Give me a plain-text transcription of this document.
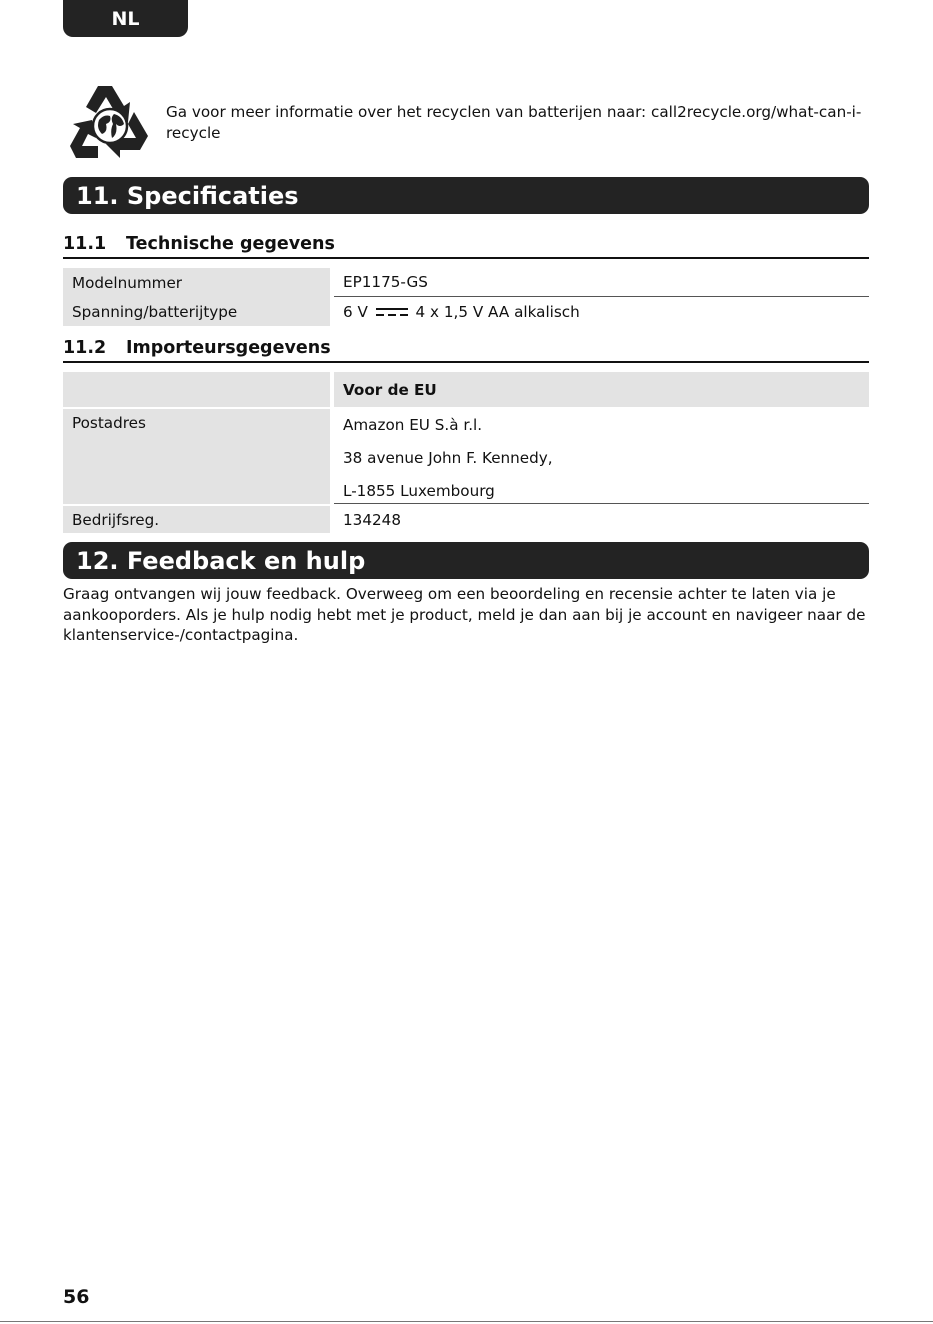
NL
Ga voor meer informatie over het recyclen van batterijen naar: call2recycle.org/what-can-i-recycle
11. Specificaties
11.1 Technische gegevens
Modelnummer		EP1175-GS
Spanning/batterijtype		6 V 4 x 1,5 V AA alkalisch
11.2 Importeursgegevens
		Voor de EU

Postadres		Amazon EU S.à r.l.
38 avenue John F. Kennedy,
L-1855 Luxembourg

Bedrijfsreg.		134248
12. Feedback en hulp
Graag ontvangen wij jouw feedback. Overweeg om een beoordeling en recensie achter te laten via je aankooporders. Als je hulp nodig hebt met je product, meld je dan aan bij je account en navigeer naar de klantenservice-/contactpagina.
56
